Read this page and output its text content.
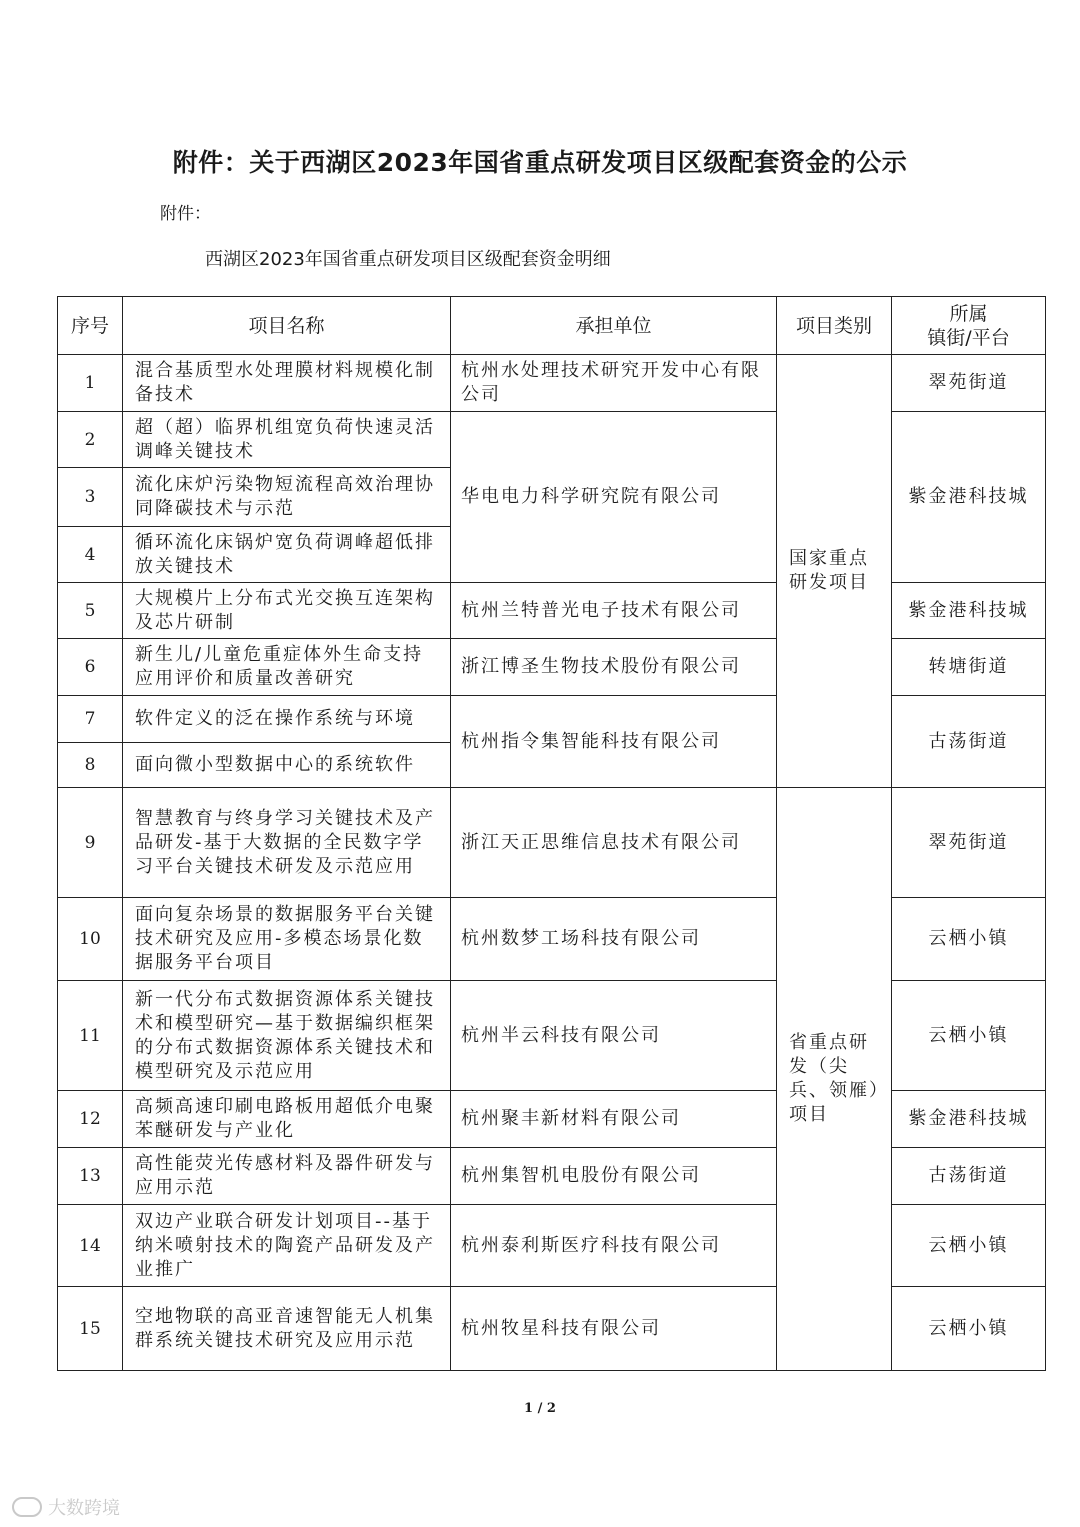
附件：关于西湖区2023年国省重点研发项目区级配套资金的公示
附件：
西湖区2023年国省重点研发项目区级配套资金明细
序号	项目名称	承担单位	项目类别	所属
镇街/平台
1	混合基质型水处理膜材料规模化制备技术	杭州水处理技术研究开发中心有限公司	国家重点研发项目	翠苑街道
2	超（超）临界机组宽负荷快速灵活调峰关键技术	华电电力科学研究院有限公司		紫金港科技城
3	流化床炉污染物短流程高效治理协同降碳技术与示范			
4	循环流化床锅炉宽负荷调峰超低排放关键技术			
5	大规模片上分布式光交换互连架构及芯片研制	杭州兰特普光电子技术有限公司		紫金港科技城
6	新生儿/儿童危重症体外生命支持应用评价和质量改善研究	浙江博圣生物技术股份有限公司		转塘街道
7	软件定义的泛在操作系统与环境	杭州指令集智能科技有限公司		古荡街道
8	面向微小型数据中心的系统软件			
9	智慧教育与终身学习关键技术及产品研发-基于大数据的全民数字学习平台关键技术研发及示范应用	浙江天正思维信息技术有限公司	省重点研发（尖兵、领雁）项目	翠苑街道
10	面向复杂场景的数据服务平台关键技术研究及应用-多模态场景化数据服务平台项目	杭州数梦工场科技有限公司		云栖小镇
11	新一代分布式数据资源体系关键技术和模型研究—基于数据编织框架的分布式数据资源体系关键技术和模型研究及示范应用	杭州半云科技有限公司		云栖小镇
12	高频高速印刷电路板用超低介电聚苯醚研发与产业化	杭州聚丰新材料有限公司		紫金港科技城
13	高性能荧光传感材料及器件研发与应用示范	杭州集智机电股份有限公司		古荡街道
14	双边产业联合研发计划项目--基于纳米喷射技术的陶瓷产品研发及产业推广	杭州泰利斯医疗科技有限公司		云栖小镇
15	空地物联的高亚音速智能无人机集群系统关键技术研究及应用示范	杭州牧星科技有限公司		云栖小镇
1 / 2
大数跨境
